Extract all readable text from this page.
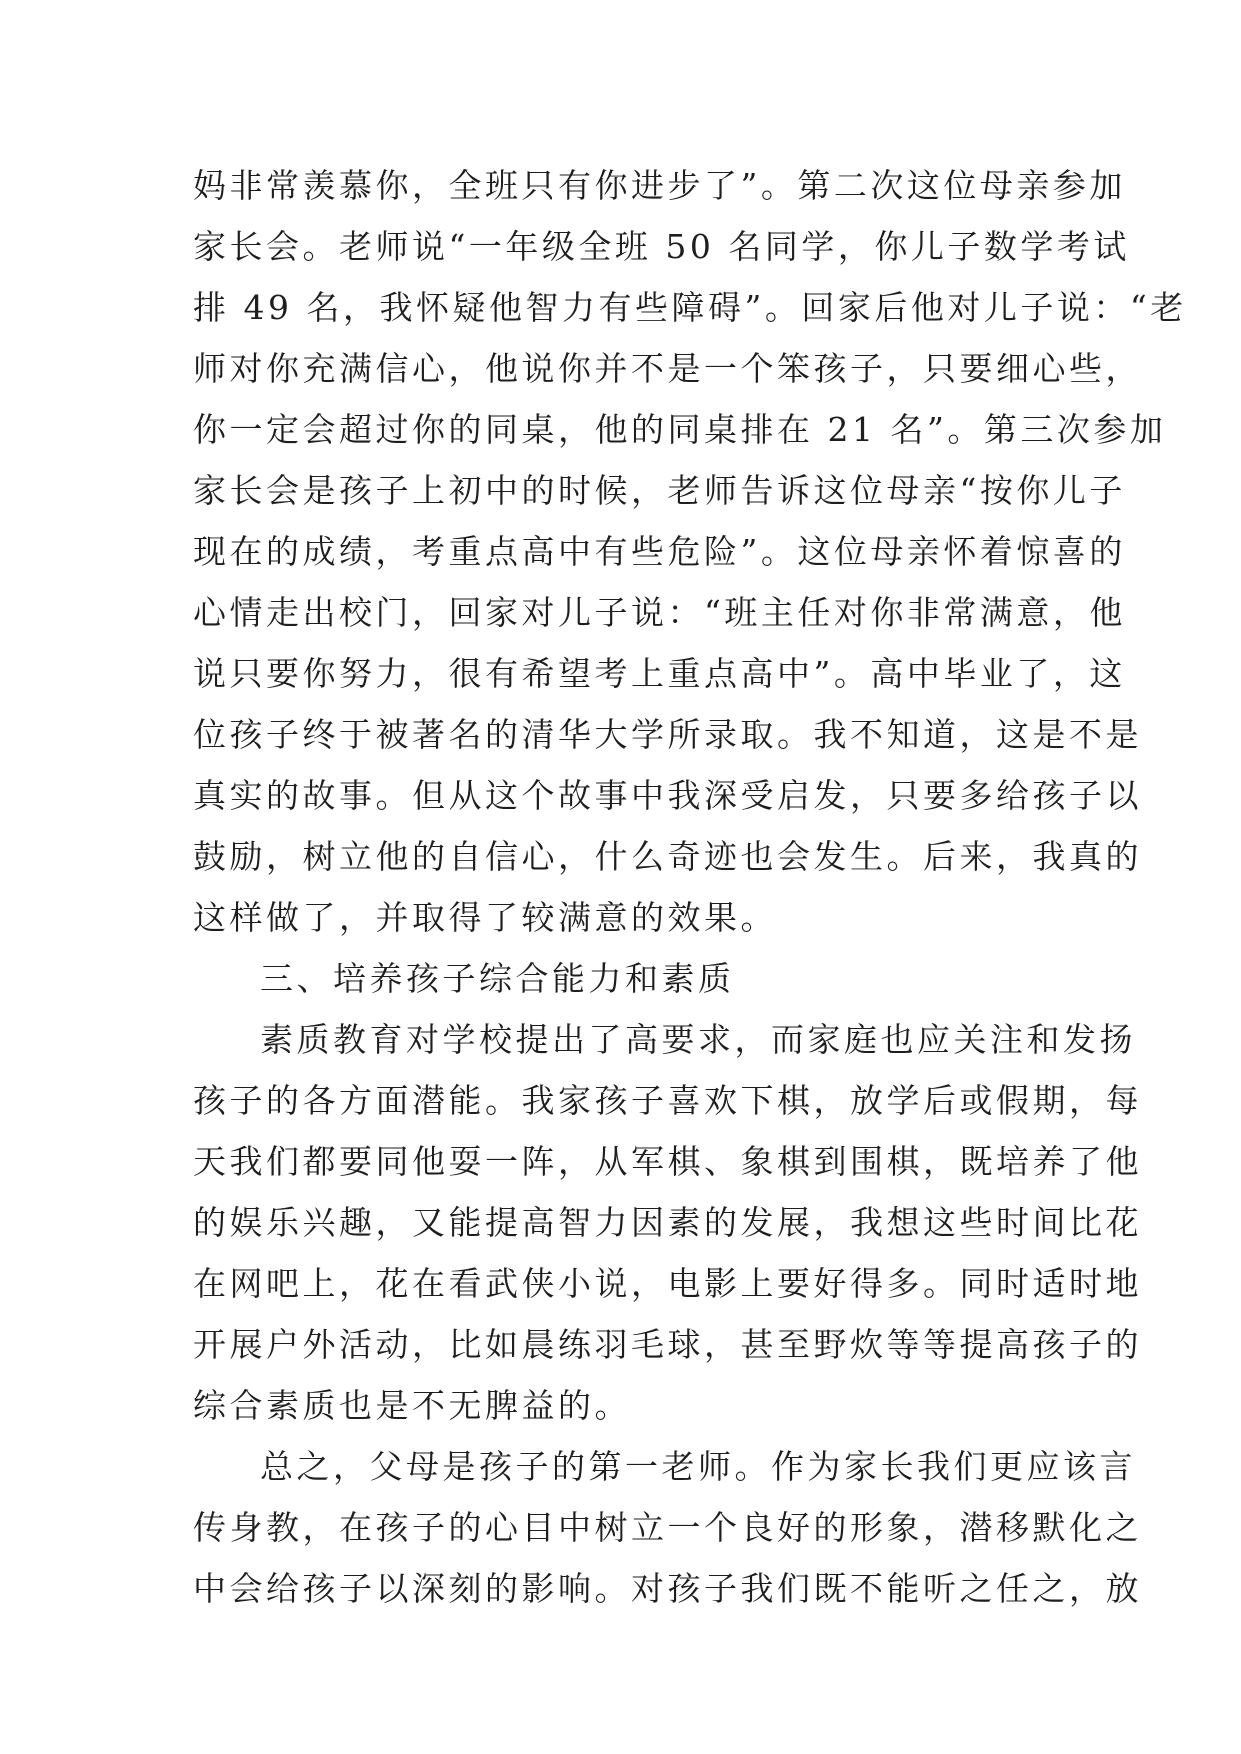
妈非常羡慕你，全班只有你进步了”。第二次这位母亲参加
家长会。老师说“一年级全班 50 名同学，你儿子数学考试
排 49 名，我怀疑他智力有些障碍”。回家后他对儿子说：“老
师对你充满信心，他说你并不是一个笨孩子，只要细心些，
你一定会超过你的同桌，他的同桌排在 21 名”。第三次参加
家长会是孩子上初中的时候，老师告诉这位母亲“按你儿子
现在的成绩，考重点高中有些危险”。这位母亲怀着惊喜的
心情走出校门，回家对儿子说：“班主任对你非常满意，他
说只要你努力，很有希望考上重点高中”。高中毕业了，这
位孩子终于被著名的清华大学所录取。我不知道，这是不是
真实的故事。但从这个故事中我深受启发，只要多给孩子以
鼓励，树立他的自信心，什么奇迹也会发生。后来，我真的
这样做了，并取得了较满意的效果。
三、培养孩子综合能力和素质
素质教育对学校提出了高要求，而家庭也应关注和发扬
孩子的各方面潜能。我家孩子喜欢下棋，放学后或假期，每
天我们都要同他耍一阵，从军棋、象棋到围棋，既培养了他
的娱乐兴趣，又能提高智力因素的发展，我想这些时间比花
在网吧上，花在看武侠小说，电影上要好得多。同时适时地
开展户外活动，比如晨练羽毛球，甚至野炊等等提高孩子的
综合素质也是不无脾益的。
总之，父母是孩子的第一老师。作为家长我们更应该言
传身教，在孩子的心目中树立一个良好的形象，潜移默化之
中会给孩子以深刻的影响。对孩子我们既不能听之任之，放
